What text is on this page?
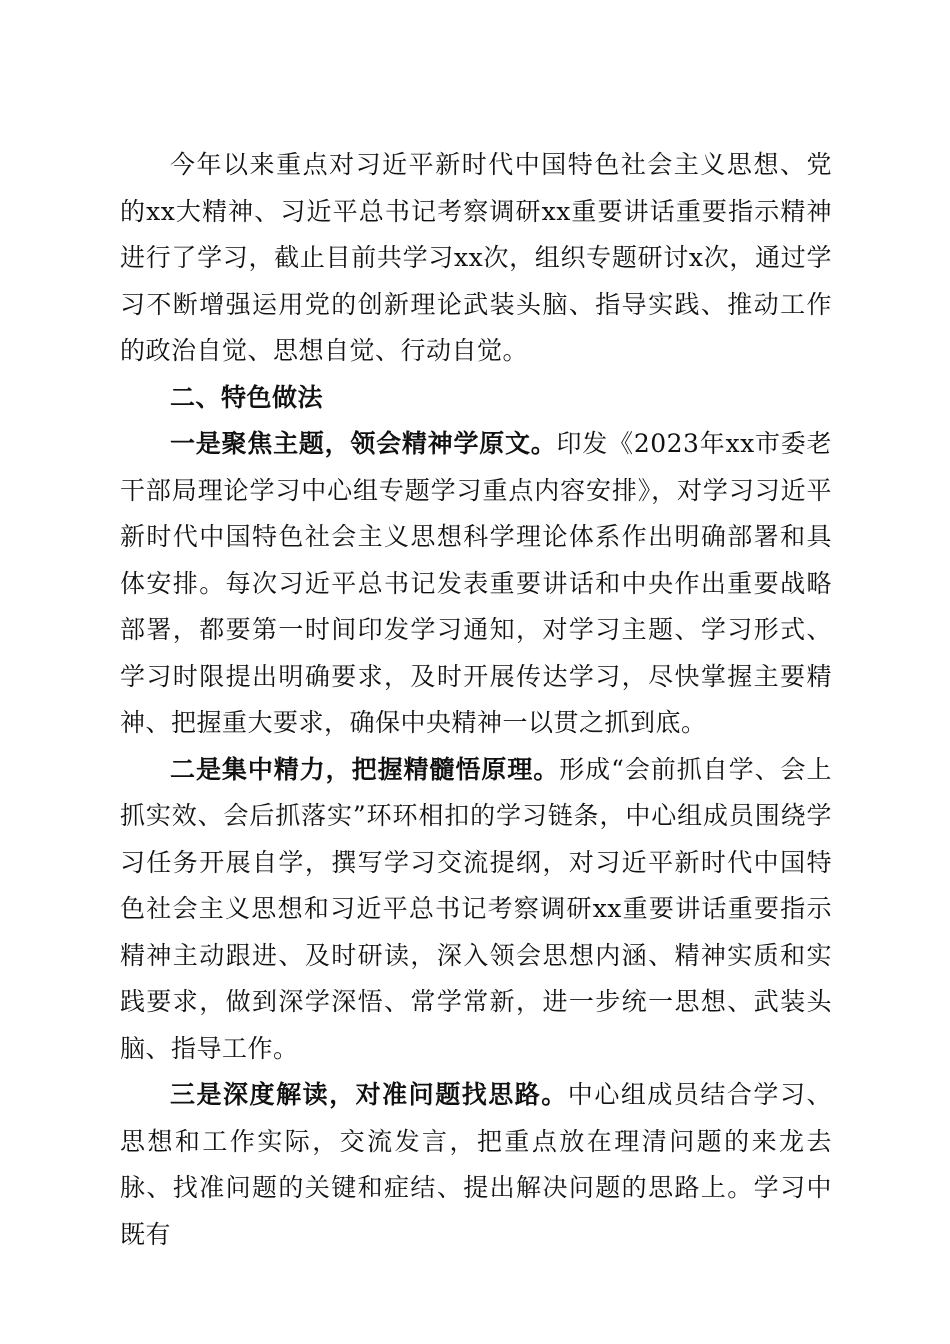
今年以来重点对习近平新时代中国特色社会主义思想、党的xx大精神、习近平总书记考察调研xx重要讲话重要指示精神进行了学习，截止目前共学习xx次，组织专题研讨x次，通过学习不断增强运用党的创新理论武装头脑、指导实践、推动工作的政治自觉、思想自觉、行动自觉。

二、特色做法

一是聚焦主题，领会精神学原文。印发《2023年xx市委老干部局理论学习中心组专题学习重点内容安排》，对学习习近平新时代中国特色社会主义思想科学理论体系作出明确部署和具体安排。每次习近平总书记发表重要讲话和中央作出重要战略部署，都要第一时间印发学习通知，对学习主题、学习形式、学习时限提出明确要求，及时开展传达学习，尽快掌握主要精神、把握重大要求，确保中央精神一以贯之抓到底。

二是集中精力，把握精髓悟原理。形成“会前抓自学、会上抓实效、会后抓落实”环环相扣的学习链条，中心组成员围绕学习任务开展自学，撰写学习交流提纲，对习近平新时代中国特色社会主义思想和习近平总书记考察调研xx重要讲话重要指示精神主动跟进、及时研读，深入领会思想内涵、精神实质和实践要求，做到深学深悟、常学常新，进一步统一思想、武装头脑、指导工作。

三是深度解读，对准问题找思路。中心组成员结合学习、思想和工作实际，交流发言，把重点放在理清问题的来龙去脉、找准问题的关键和症结、提出解决问题的思路上。学习中既有
